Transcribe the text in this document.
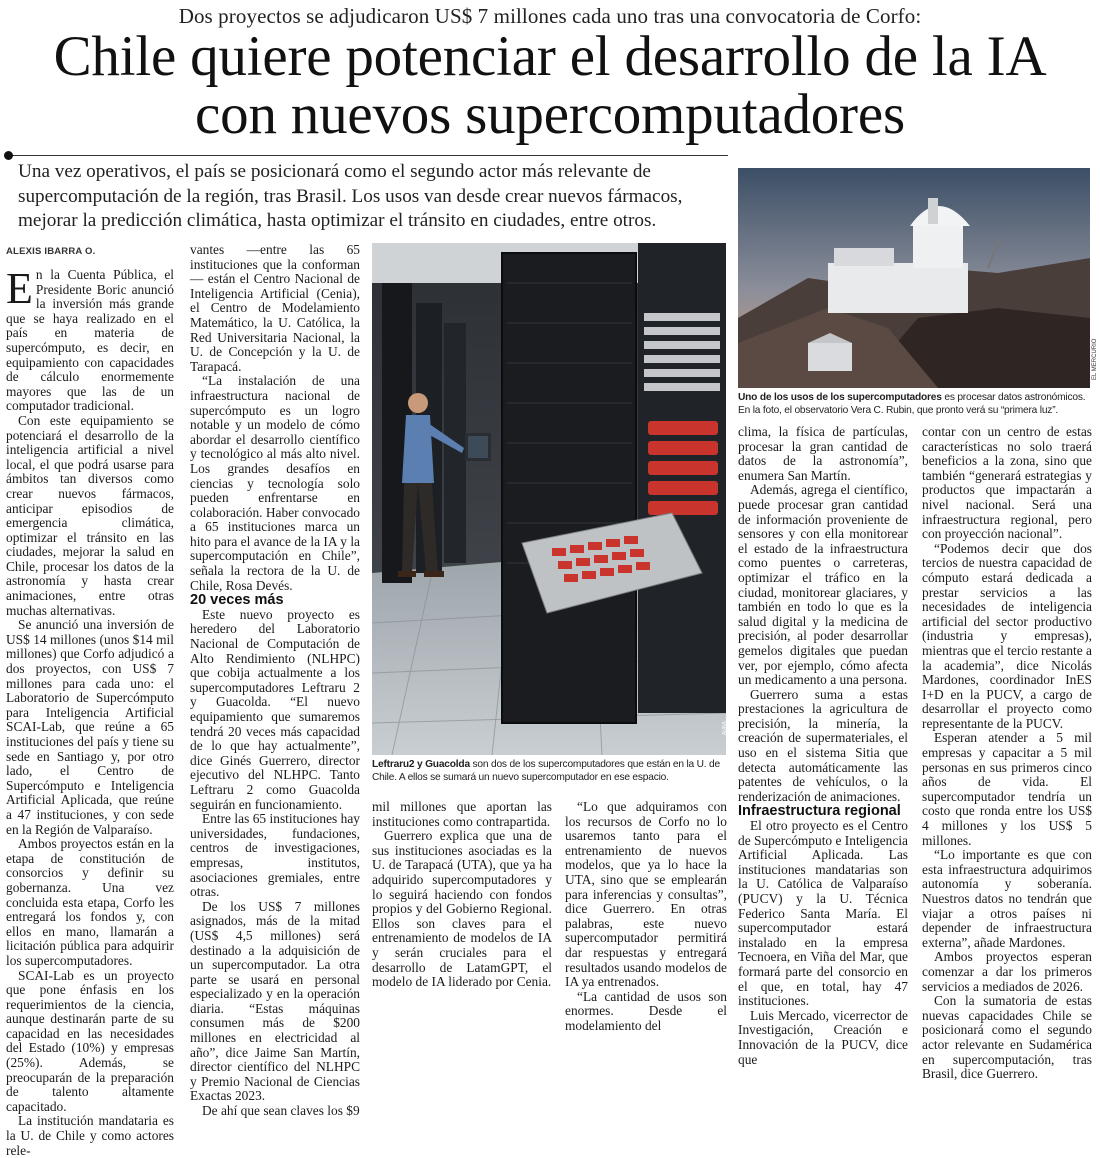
Dos proyectos se adjudicaron US$ 7 millones cada uno tras una convocatoria de Corfo:
Chile quiere potenciar el desarrollo de la IA
con nuevos supercomputadores
Una vez operativos, el país se posicionará como el segundo actor más relevante de supercomputación de la región, tras Brasil. Los usos van desde crear nuevos fármacos, mejorar la predicción climática, hasta optimizar el tránsito en ciudades, entre otros.
ALEXIS IBARRA O.

En la Cuenta Pública, el Presidente Boric anunció la inversión más grande que se haya realizado en el país en materia de supercómputo, es decir, en equipamiento con capacidades de cálculo enormemente mayores que las de un computador tradicional.

Con este equipamiento se potenciará el desarrollo de la inteligencia artificial a nivel local, el que podrá usarse para ámbitos tan diversos como crear nuevos fármacos, anticipar episodios de emergencia climática, optimizar el tránsito en las ciudades, mejorar la salud en Chile, procesar los datos de la astronomía y hasta crear animaciones, entre otras muchas alternativas.

Se anunció una inversión de US$ 14 millones (unos $14 mil millones) que Corfo adjudicó a dos proyectos, con US$ 7 millones para cada uno: el Laboratorio de Supercómputo para Inteligencia Artificial SCAI-Lab, que reúne a 65 instituciones del país y tiene su sede en Santiago y, por otro lado, el Centro de Supercómputo e Inteligencia Artificial Aplicada, que reúne a 47 instituciones, y con sede en la Región de Valparaíso.

Ambos proyectos están en la etapa de constitución de consorcios y definir su gobernanza. Una vez concluida esta etapa, Corfo les entregará los fondos y, con ellos en mano, llamarán a licitación pública para adquirir los supercomputadores.

SCAI-Lab es un proyecto que pone énfasis en los requerimientos de la ciencia, aunque destinarán parte de su capacidad en las necesidades del Estado (10%) y empresas (25%). Además, se preocuparán de la preparación de talento altamente capacitado.

La institución mandataria es la U. de Chile y como actores rele-

vantes —entre las 65 instituciones que la conforman— están el Centro Nacional de Inteligencia Artificial (Cenia), el Centro de Modelamiento Matemático, la U. Católica, la Red Universitaria Nacional, la U. de Concepción y la U. de Tarapacá.

“La instalación de una infraestructura nacional de supercómputo es un logro notable y un modelo de cómo abordar el desarrollo científico y tecnológico al más alto nivel. Los grandes desafíos en ciencias y tecnología solo pueden enfrentarse en colaboración. Haber convocado a 65 instituciones marca un hito para el avance de la IA y la supercomputación en Chile”, señala la rectora de la U. de Chile, Rosa Devés.

20 veces más

Este nuevo proyecto es heredero del Laboratorio Nacional de Computación de Alto Rendimiento (NLHPC) que cobija actualmente a los supercomputadores Leftraru 2 y Guacolda. “El nuevo equipamiento que sumaremos tendrá 20 veces más capacidad de lo que hay actualmente”, dice Ginés Guerrero, director ejecutivo del NLHPC. Tanto Leftraru 2 como Guacolda seguirán en funcionamiento.

Entre las 65 instituciones hay universidades, fundaciones, centros de investigaciones, empresas, institutos, asociaciones gremiales, entre otras.

De los US$ 7 millones asignados, más de la mitad (US$ 4,5 millones) será destinado a la adquisición de un supercomputador. La otra parte se usará en personal especializado y en la operación diaria. “Estas máquinas consumen más de $200 millones en electricidad al año”, dice Jaime San Martín, director científico del NLHPC y Premio Nacional de Ciencias Exactas 2023.

De ahí que sean claves los $9

AURA
Leftraru2 y Guacolda son dos de los supercomputadores que están en la U. de Chile. A ellos se sumará un nuevo supercomputador en ese espacio.

mil millones que aportan las instituciones como contrapartida.

Guerrero explica que una de sus instituciones asociadas es la U. de Tarapacá (UTA), que ya ha adquirido supercomputadores y lo seguirá haciendo con fondos propios y del Gobierno Regional. Ellos son claves para el entrenamiento de modelos de IA y serán cruciales para el desarrollo de LatamGPT, el modelo de IA liderado por Cenia.

“Lo que adquiramos con los recursos de Corfo no lo usaremos tanto para el entrenamiento de nuevos modelos, que ya lo hace la UTA, sino que se emplearán para inferencias y consultas”, dice Guerrero. En otras palabras, este nuevo supercomputador permitirá dar respuestas y entregará resultados usando modelos de IA ya entrenados.

“La cantidad de usos son enormes. Desde el modelamiento del

EL MERCURIO
Uno de los usos de los supercomputadores es procesar datos astronómicos. En la foto, el observatorio Vera C. Rubin, que pronto verá su “primera luz”.

clima, la física de partículas, procesar la gran cantidad de datos de la astronomía”, enumera San Martín.

Además, agrega el científico, puede procesar gran cantidad de información proveniente de sensores y con ella monitorear el estado de la infraestructura como puentes o carreteras, optimizar el tráfico en la ciudad, monitorear glaciares, y también en todo lo que es la salud digital y la medicina de precisión, al poder desarrollar gemelos digitales que puedan ver, por ejemplo, cómo afecta un medicamento a una persona.

Guerrero suma a estas prestaciones la agricultura de precisión, la minería, la creación de supermateriales, el uso en el sistema Sitia que detecta automáticamente las patentes de vehículos, o la renderización de animaciones.

Infraestructura regional

El otro proyecto es el Centro de Supercómputo e Inteligencia Artificial Aplicada. Las instituciones mandatarias son la U. Católica de Valparaíso (PUCV) y la U. Técnica Federico Santa María. El supercomputador estará instalado en la empresa Tecnoera, en Viña del Mar, que formará parte del consorcio en el que, en total, hay 47 instituciones.

Luis Mercado, vicerrector de Investigación, Creación e Innovación de la PUCV, dice que

contar con un centro de estas características no solo traerá beneficios a la zona, sino que también “generará estrategias y productos que impactarán a nivel nacional. Será una infraestructura regional, pero con proyección nacional”.

“Podemos decir que dos tercios de nuestra capacidad de cómputo estará dedicada a prestar servicios a las necesidades de inteligencia artificial del sector productivo (industria y empresas), mientras que el tercio restante a la academia”, dice Nicolás Mardones, coordinador InES I+D en la PUCV, a cargo de desarrollar el proyecto como representante de la PUCV.

Esperan atender a 5 mil empresas y capacitar a 5 mil personas en sus primeros cinco años de vida. El supercomputador tendría un costo que ronda entre los US$ 4 millones y los US$ 5 millones.

“Lo importante es que con esta infraestructura adquirimos autonomía y soberanía. Nuestros datos no tendrán que viajar a otros países ni depender de infraestructura externa”, añade Mardones.

Ambos proyectos esperan comenzar a dar los primeros servicios a mediados de 2026.

Con la sumatoria de estas nuevas capacidades Chile se posicionará como el segundo actor relevante en Sudamérica en supercomputación, tras Brasil, dice Guerrero.
